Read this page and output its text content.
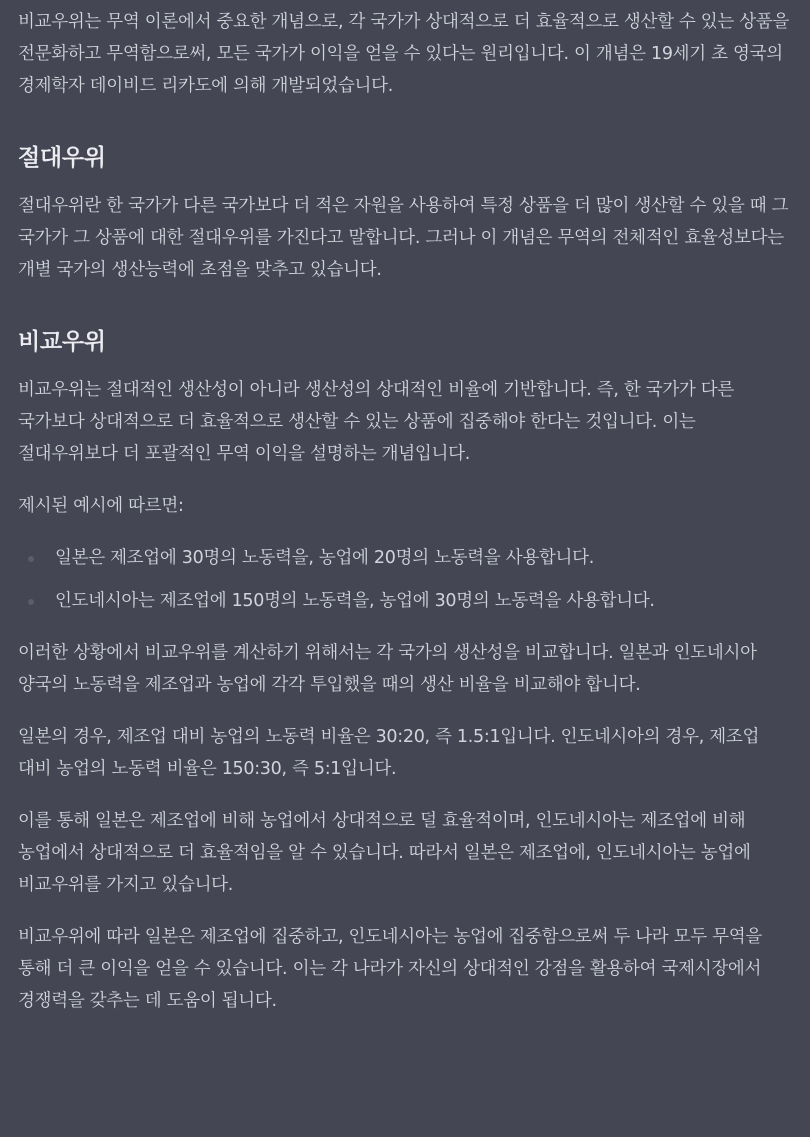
비교우위는 무역 이론에서 중요한 개념으로, 각 국가가 상대적으로 더 효율적으로 생산할 수 있는 상품을 전문화하고 무역함으로써, 모든 국가가 이익을 얻을 수 있다는 원리입니다. 이 개념은 19세기 초 영국의 경제학자 데이비드 리카도에 의해 개발되었습니다.

절대우위

절대우위란 한 국가가 다른 국가보다 더 적은 자원을 사용하여 특정 상품을 더 많이 생산할 수 있을 때 그 국가가 그 상품에 대한 절대우위를 가진다고 말합니다. 그러나 이 개념은 무역의 전체적인 효율성보다는 개별 국가의 생산능력에 초점을 맞추고 있습니다.

비교우위

비교우위는 절대적인 생산성이 아니라 생산성의 상대적인 비율에 기반합니다. 즉, 한 국가가 다른 국가보다 상대적으로 더 효율적으로 생산할 수 있는 상품에 집중해야 한다는 것입니다. 이는 절대우위보다 더 포괄적인 무역 이익을 설명하는 개념입니다.

제시된 예시에 따르면:

일본은 제조업에 30명의 노동력을, 농업에 20명의 노동력을 사용합니다.
인도네시아는 제조업에 150명의 노동력을, 농업에 30명의 노동력을 사용합니다.

이러한 상황에서 비교우위를 계산하기 위해서는 각 국가의 생산성을 비교합니다. 일본과 인도네시아 양국의 노동력을 제조업과 농업에 각각 투입했을 때의 생산 비율을 비교해야 합니다.

일본의 경우, 제조업 대비 농업의 노동력 비율은 30:20, 즉 1.5:1입니다. 인도네시아의 경우, 제조업 대비 농업의 노동력 비율은 150:30, 즉 5:1입니다.

이를 통해 일본은 제조업에 비해 농업에서 상대적으로 덜 효율적이며, 인도네시아는 제조업에 비해 농업에서 상대적으로 더 효율적임을 알 수 있습니다. 따라서 일본은 제조업에, 인도네시아는 농업에 비교우위를 가지고 있습니다.

비교우위에 따라 일본은 제조업에 집중하고, 인도네시아는 농업에 집중함으로써 두 나라 모두 무역을 통해 더 큰 이익을 얻을 수 있습니다. 이는 각 나라가 자신의 상대적인 강점을 활용하여 국제시장에서 경쟁력을 갖추는 데 도움이 됩니다.
